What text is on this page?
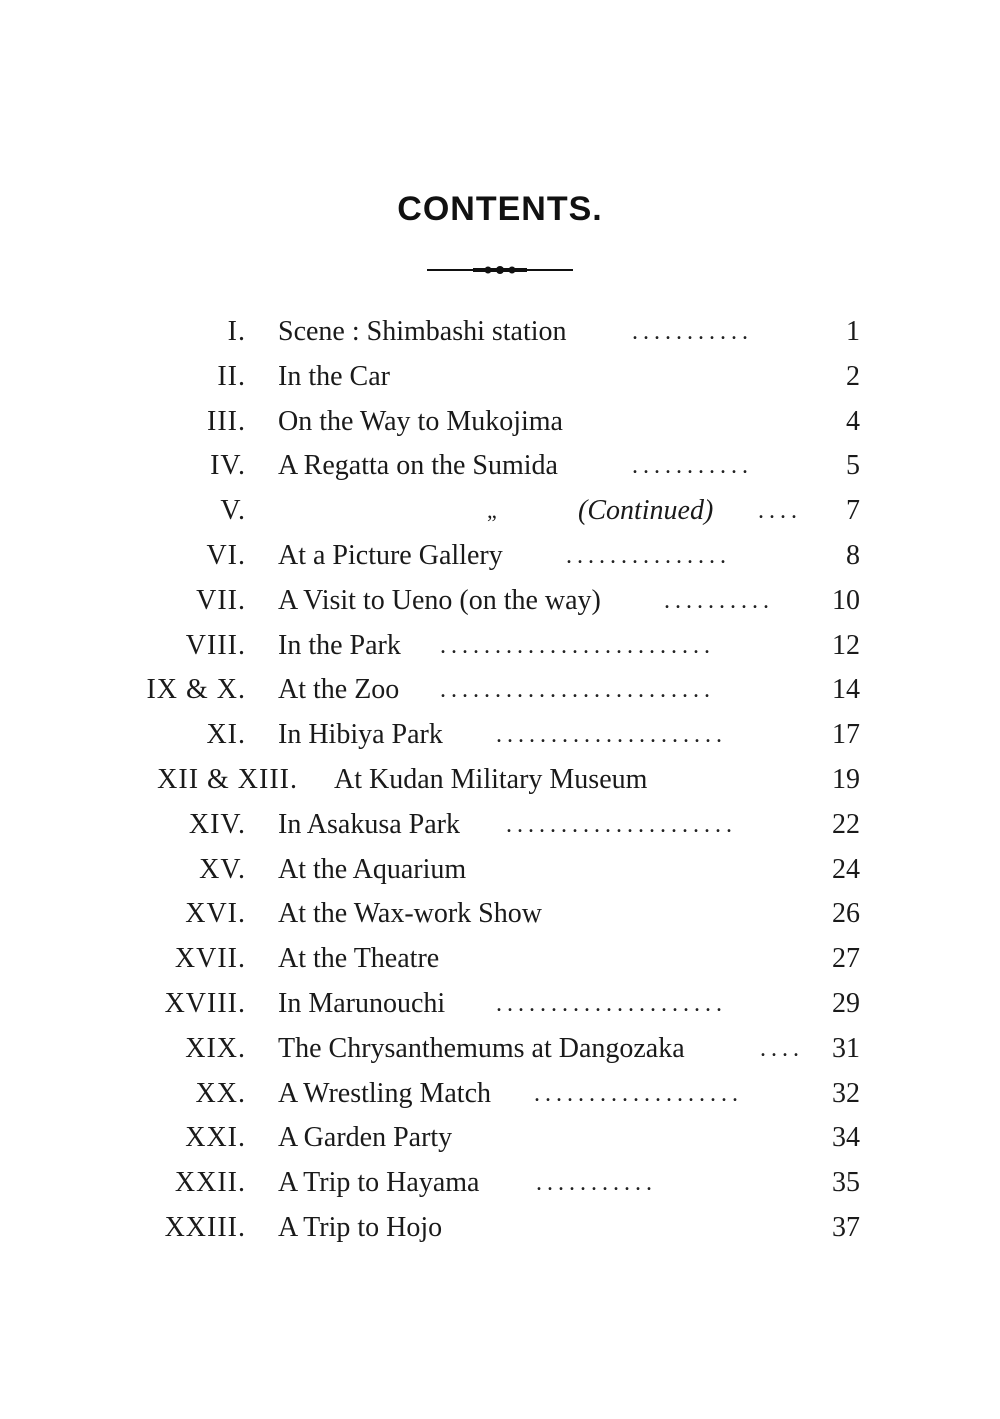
CONTENTS.
I. Scene : Shimbashi station	...........	1
II. In the Car	2
III. On the Way to Mukojima	4
IV. A Regatta on the Sumida	...........	5
V.	„	(Continued) ....	7
VI. At a Picture Gallery	...............	8
VII. A Visit to Ueno (on the way)	..........	10
VIII. In the Park .........................	12
IX & X. At the Zoo .........................	14
XI. In Hibiya Park .....................	17
XII & XIII. At Kudan Military Museum	19
XIV. In Asakusa Park .....................	22
XV. At the Aquarium	24
XVI. At the Wax-work Show	26
XVII. At the Theatre	27
XVIII. In Marunouchi .....................	29
XIX. The Chrysanthemums at Dangozaka	....	31
XX. A Wrestling Match ...................	32
XXI. A Garden Party	34
XXII. A Trip to Hayama ...........	35
XXIII. A Trip to Hojo	37
